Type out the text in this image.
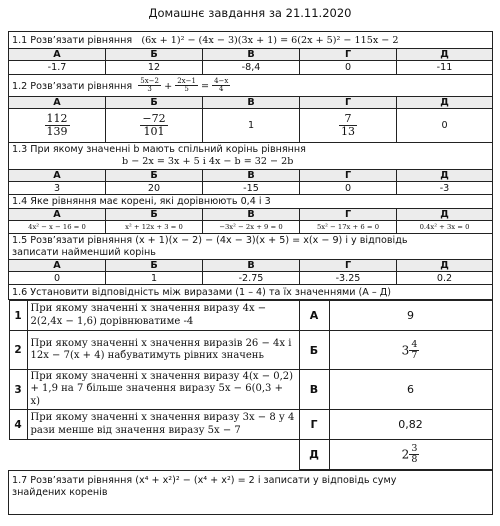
Домашнє завдання за 21.11.2020
1.1 Розв’язати рівняння (6x + 1)² − (4x − 3)(3x + 1) = 6(2x + 5)² − 115x − 2
А	Б	В	Г	Д
-1.7	12	-8,4	0	-11
1.2 Розв’язати рівняння $\frac{5x-2}{3} + \frac{2x-1}{5} = \frac{4-x}{4}$

А	Б	В	Г	Д

$\frac{112}{139}$	$\frac{-72}{101}$	1	$\frac{7}{13}$	0
1.3 При якому значенні b мають спільний корінь рівняння
b − 2x = 3x + 5 і 4x − b = 32 − 2b
А	Б	В	Г	Д
3	20	-15	0	-3
1.4 Яке рівняння має корені, які дорівнюють 0,4 і 3
А	Б	В	Г	Д
4x² − x − 16 = 0	x² + 12x + 3 = 0	−3x² − 2x + 9 = 0	5x² − 17x + 6 = 0	0.4x² + 3x = 0
1.5 Розв’язати рівняння (x + 1)(x − 2) − (4x − 3)(x + 5) = x(x − 9) і у відповідь
записати найменший корінь
А	Б	В	Г	Д
0	1	-2.75	-3.25	0.2
1.6 Установити відповідність між виразами (1 – 4) та їх значеннями (А – Д)

1	При якому значенні x значення виразу 4x − 2(2,4x − 1,6) дорівнюватиме -4	А	9
2	При якому значенні x значення виразів 26 − 4x і 12x − 7(x + 4) набуватимуть рівних значень	Б	$3 \frac{4}{7}$

3	При якому значенні x значення виразу 4(x − 0,2) + 1,9 на 7 більше значення виразу 5x − 6(0,3 + x)	В	6
4	При якому значенні x значення виразу 3x − 8 у 4 рази менше від значення виразу 5x − 7	Г	0,82
		Д	$2 \frac{3}{8}$

1.7 Розв’язати рівняння (x⁴ + x²)² − (x⁴ + x²) = 2 і записати у відповідь суму
знайдених коренів
